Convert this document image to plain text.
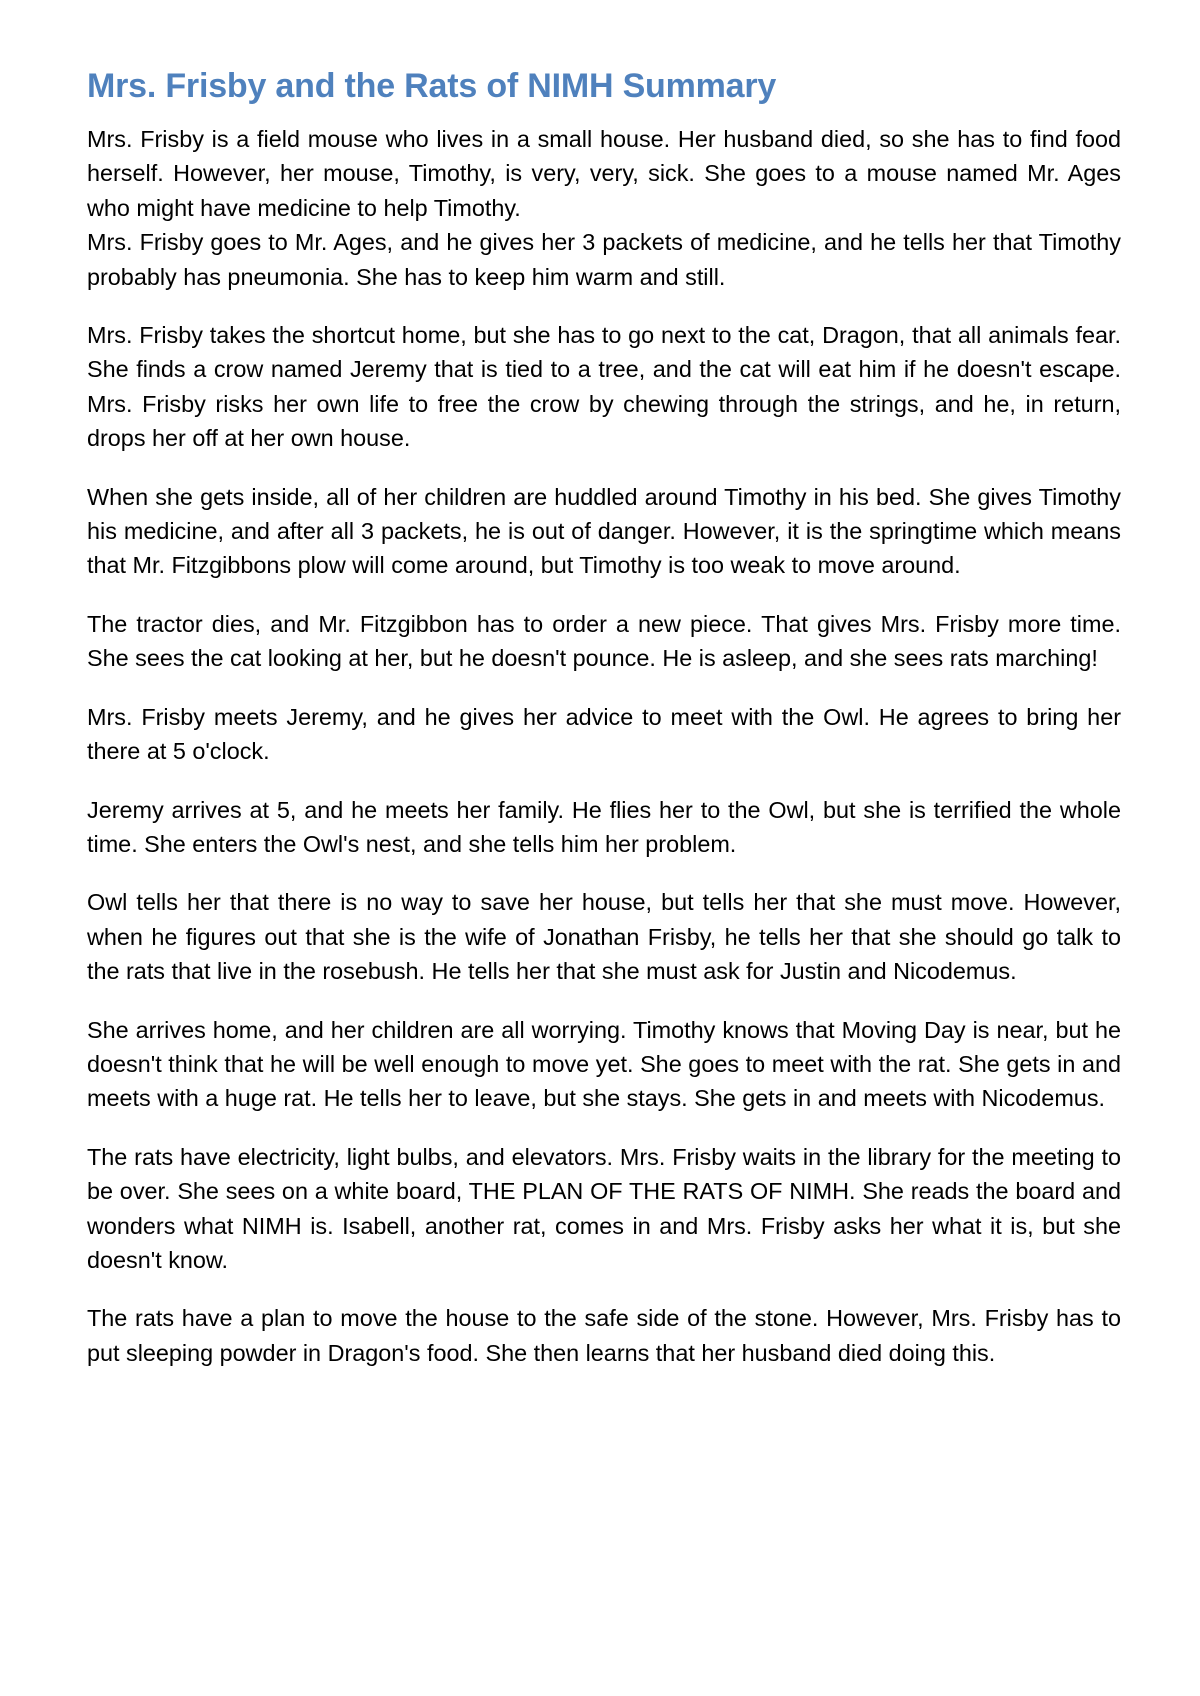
Mrs. Frisby and the Rats of NIMH Summary

Mrs. Frisby is a field mouse who lives in a small house. Her husband died, so she has to find food herself. However, her mouse, Timothy, is very, very, sick. She goes to a mouse named Mr. Ages who might have medicine to help Timothy.

Mrs. Frisby goes to Mr. Ages, and he gives her 3 packets of medicine, and he tells her that Timothy probably has pneumonia. She has to keep him warm and still.

Mrs. Frisby takes the shortcut home, but she has to go next to the cat, Dragon, that all animals fear. She finds a crow named Jeremy that is tied to a tree, and the cat will eat him if he doesn't escape. Mrs. Frisby risks her own life to free the crow by chewing through the strings, and he, in return, drops her off at her own house.

When she gets inside, all of her children are huddled around Timothy in his bed. She gives Timothy his medicine, and after all 3 packets, he is out of danger. However, it is the springtime which means that Mr. Fitzgibbons plow will come around, but Timothy is too weak to move around.

The tractor dies, and Mr. Fitzgibbon has to order a new piece. That gives Mrs. Frisby more time. She sees the cat looking at her, but he doesn't pounce. He is asleep, and she sees rats marching!

Mrs. Frisby meets Jeremy, and he gives her advice to meet with the Owl. He agrees to bring her there at 5 o'clock.

Jeremy arrives at 5, and he meets her family. He flies her to the Owl, but she is terrified the whole time. She enters the Owl's nest, and she tells him her problem.

Owl tells her that there is no way to save her house, but tells her that she must move. However, when he figures out that she is the wife of Jonathan Frisby, he tells her that she should go talk to the rats that live in the rosebush. He tells her that she must ask for Justin and Nicodemus.

She arrives home, and her children are all worrying. Timothy knows that Moving Day is near, but he doesn't think that he will be well enough to move yet. She goes to meet with the rat. She gets in and meets with a huge rat. He tells her to leave, but she stays. She gets in and meets with Nicodemus.

The rats have electricity, light bulbs, and elevators. Mrs. Frisby waits in the library for the meeting to be over. She sees on a white board, THE PLAN OF THE RATS OF NIMH. She reads the board and wonders what NIMH is. Isabell, another rat, comes in and Mrs. Frisby asks her what it is, but she doesn't know.

The rats have a plan to move the house to the safe side of the stone. However, Mrs. Frisby has to put sleeping powder in Dragon's food. She then learns that her husband died doing this.
